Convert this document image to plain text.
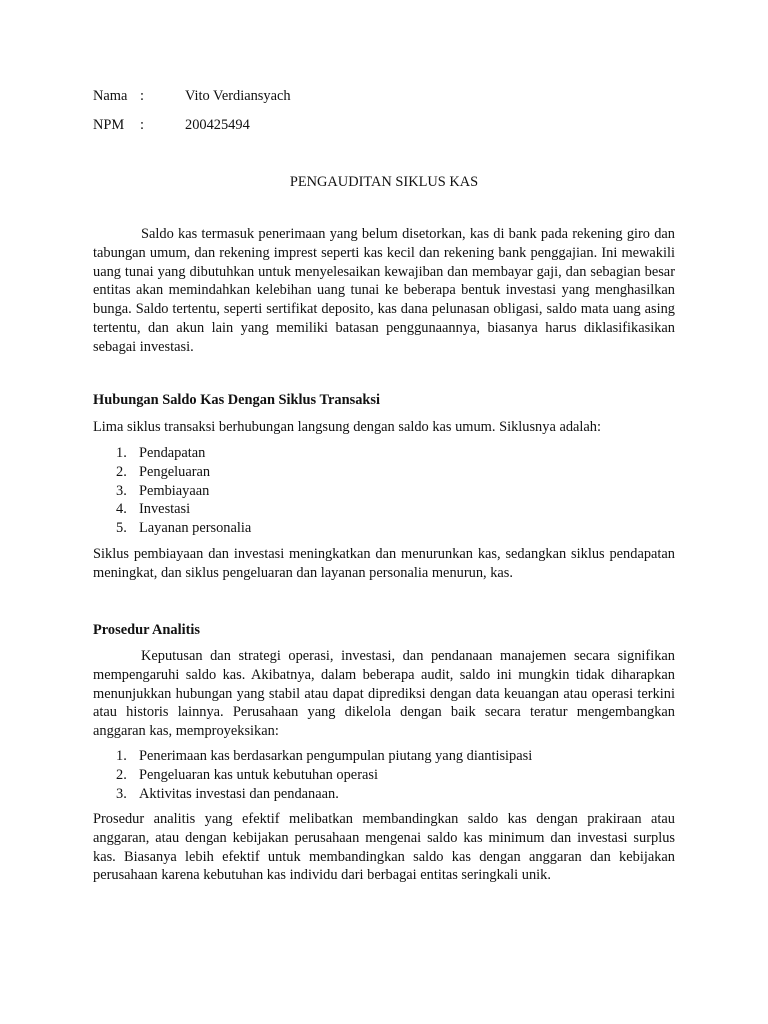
Nama :	Vito Verdiansyach
NPM :	200425494
PENGAUDITAN SIKLUS KAS

Saldo kas termasuk penerimaan yang belum disetorkan, kas di bank pada rekening giro dan tabungan umum, dan rekening imprest seperti kas kecil dan rekening bank penggajian. Ini mewakili uang tunai yang dibutuhkan untuk menyelesaikan kewajiban dan membayar gaji, dan sebagian besar entitas akan memindahkan kelebihan uang tunai ke beberapa bentuk investasi yang menghasilkan bunga. Saldo tertentu, seperti sertifikat deposito, kas dana pelunasan obligasi, saldo mata uang asing tertentu, dan akun lain yang memiliki batasan penggunaannya, biasanya harus diklasifikasikan sebagai investasi.

Hubungan Saldo Kas Dengan Siklus Transaksi

Lima siklus transaksi berhubungan langsung dengan saldo kas umum. Siklusnya adalah:

1. Pendapatan
2. Pengeluaran
3. Pembiayaan
4. Investasi
5. Layanan personalia

Siklus pembiayaan dan investasi meningkatkan dan menurunkan kas, sedangkan siklus pendapatan meningkat, dan siklus pengeluaran dan layanan personalia menurun, kas.

Prosedur Analitis

Keputusan dan strategi operasi, investasi, dan pendanaan manajemen secara signifikan mempengaruhi saldo kas. Akibatnya, dalam beberapa audit, saldo ini mungkin tidak diharapkan menunjukkan hubungan yang stabil atau dapat diprediksi dengan data keuangan atau operasi terkini atau historis lainnya. Perusahaan yang dikelola dengan baik secara teratur mengembangkan anggaran kas, memproyeksikan:

1. Penerimaan kas berdasarkan pengumpulan piutang yang diantisipasi
2. Pengeluaran kas untuk kebutuhan operasi
3. Aktivitas investasi dan pendanaan.

Prosedur analitis yang efektif melibatkan membandingkan saldo kas dengan prakiraan atau anggaran, atau dengan kebijakan perusahaan mengenai saldo kas minimum dan investasi surplus kas. Biasanya lebih efektif untuk membandingkan saldo kas dengan anggaran dan kebijakan perusahaan karena kebutuhan kas individu dari berbagai entitas seringkali unik.
